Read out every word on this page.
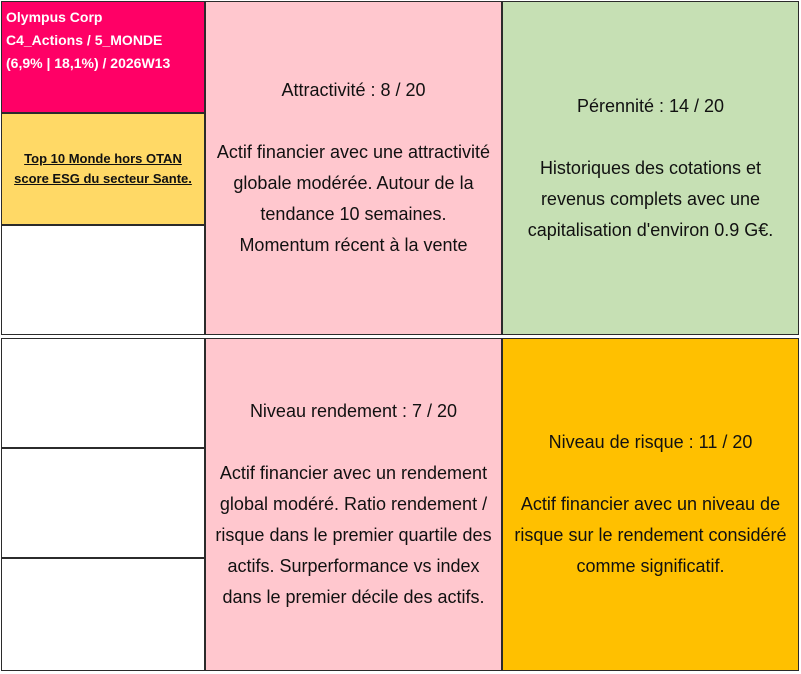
Olympus Corp
C4_Actions / 5_MONDE
(6,9% | 18,1%) / 2026W13
Top 10 Monde hors OTAN score ESG du secteur Sante.
Attractivité : 8 / 20
Actif financier avec une attractivité globale modérée. Autour de la tendance 10 semaines. Momentum récent à la vente
Pérennité : 14 / 20
Historiques des cotations et revenus complets avec une capitalisation d'environ 0.9 G€.
Niveau rendement : 7 / 20
Actif financier avec un rendement global modéré. Ratio rendement / risque dans le premier quartile des actifs. Surperformance vs index dans le premier décile des actifs.
Niveau de risque : 11 / 20
Actif financier avec un niveau de risque sur le rendement considéré comme significatif.
